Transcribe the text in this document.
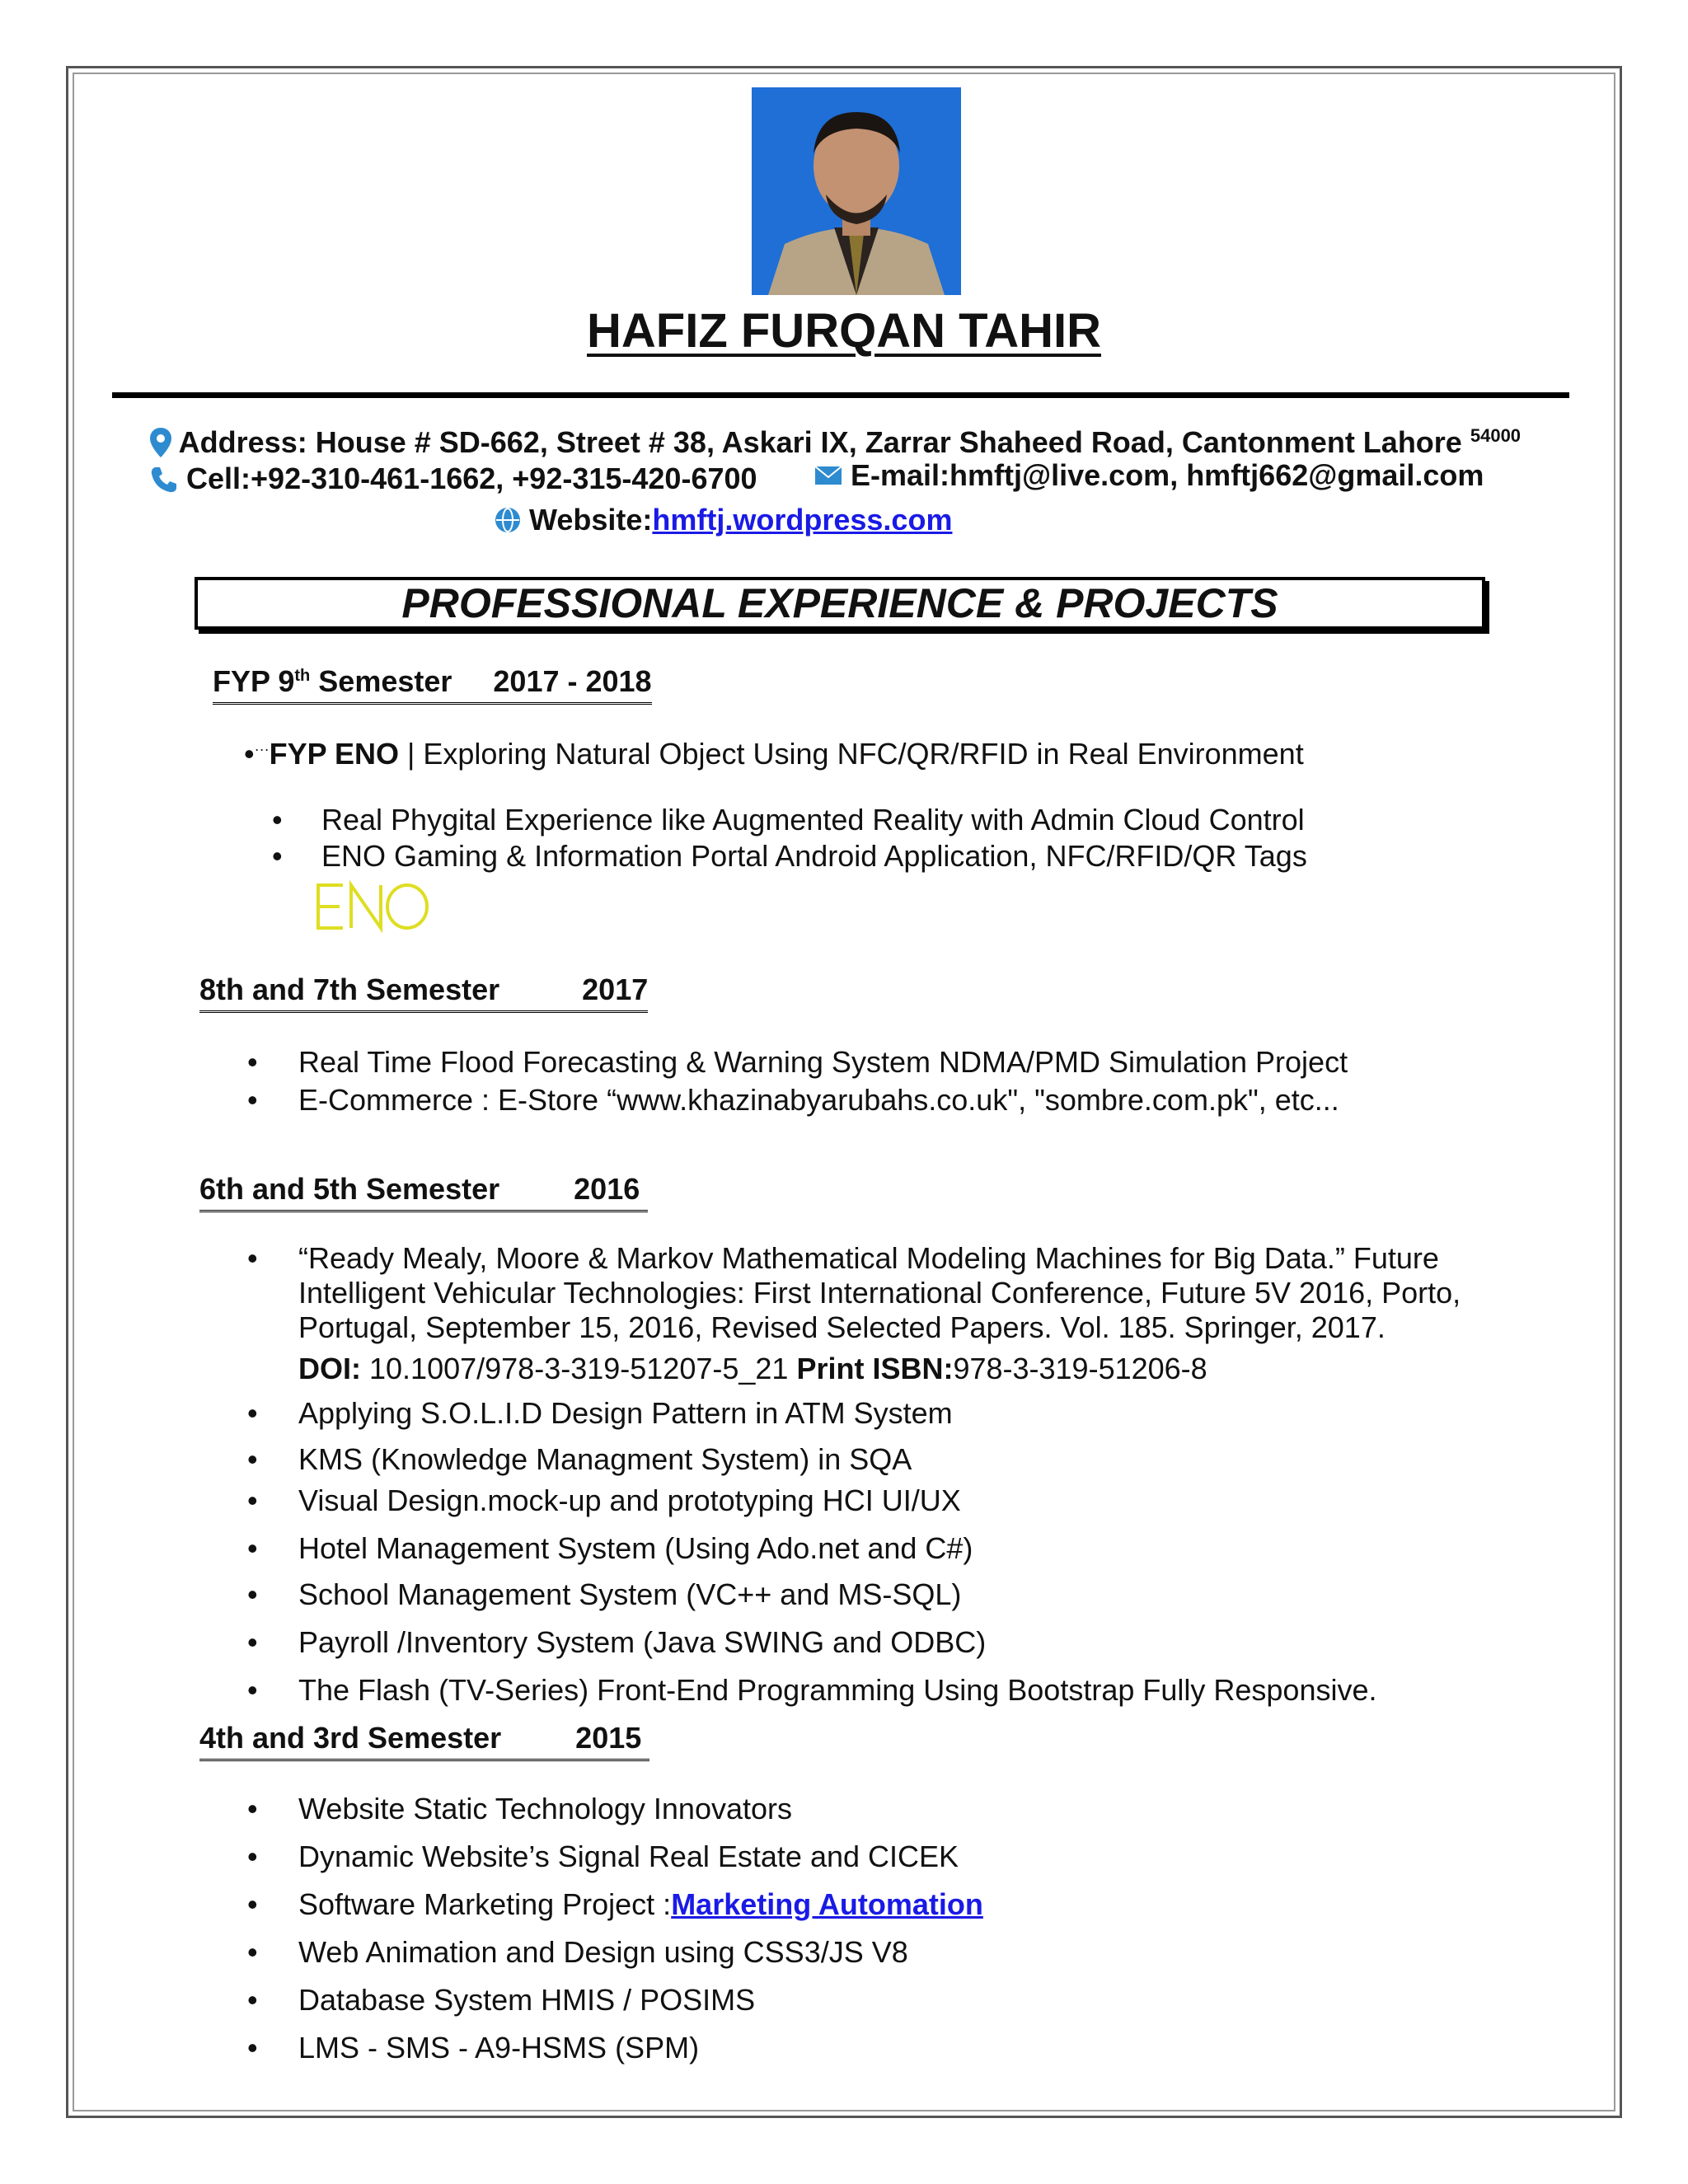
HAFIZ FURQAN TAHIR
Address: House # SD-662, Street # 38, Askari IX, Zarrar Shaheed Road, Cantonment Lahore $^{54000}$
Cell:+92-310-461-1662, +92-315-420-6700	E-mail:hmftj@live.com, hmftj662@gmail.com
Website:hmftj.wordpress.com
PROFESSIONAL EXPERIENCE & PROJECTS
FYP 9th Semester 2017 - 2018
•···FYP ENO | Exploring Natural Object Using NFC/QR/RFID in Real Environment
• Real Phygital Experience like Augmented Reality with Admin Cloud Control
• ENO Gaming & Information Portal Android Application, NFC/RFID/QR Tags
8th and 7th Semester	2017
• Real Time Flood Forecasting & Warning System NDMA/PMD Simulation Project
• E-Commerce : E-Store “www.khazinabyarubahs.co.uk", "sombre.com.pk", etc...
6th and 5th Semester	2016
• “Ready Mealy, Moore & Markov Mathematical Modeling Machines for Big Data.” Future Intelligent Vehicular Technologies: First International Conference, Future 5V 2016, Porto, Portugal, September 15, 2016, Revised Selected Papers. Vol. 185. Springer, 2017.
DOI: 10.1007/978-3-319-51207-5_21 Print ISBN:978-3-319-51206-8
• Applying S.O.L.I.D Design Pattern in ATM System
• KMS (Knowledge Managment System) in SQA
• Visual Design.mock-up and prototyping HCI UI/UX
• Hotel Management System (Using Ado.net and C#)
• School Management System (VC++ and MS-SQL)
• Payroll /Inventory System (Java SWING and ODBC)
• The Flash (TV-Series) Front-End Programming Using Bootstrap Fully Responsive.
4th and 3rd Semester	2015
• Website Static Technology Innovators
• Dynamic Website’s Signal Real Estate and CICEK
• Software Marketing Project :Marketing Automation
• Web Animation and Design using CSS3/JS V8
• Database System HMIS / POSIMS
• LMS - SMS - A9-HSMS (SPM)
